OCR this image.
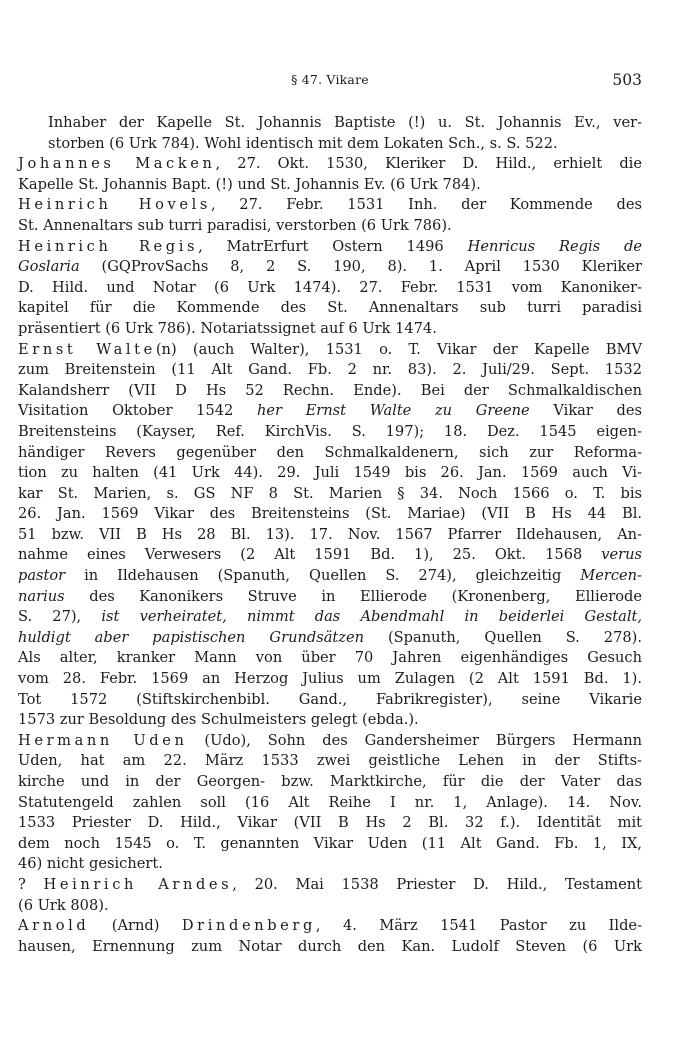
§ 47. Vikare	503

Inhaber der Kapelle St. Johannis Baptiste (!) u. St. Johannis Ev., ver-
storben (6 Urk 784). Wohl identisch mit dem Lokaten Sch., s. S. 522.

Johannes Macken, 27. Okt. 1530, Kleriker D. Hild., erhielt die
Kapelle St. Johannis Bapt. (!) und St. Johannis Ev. (6 Urk 784).

Heinrich Hovels, 27. Febr. 1531 Inh. der Kommende des
St. Annenaltars sub turri paradisi, verstorben (6 Urk 786).

Heinrich Regis, MatrErfurt Ostern 1496 Henricus Regis de
Goslaria (GQProvSachs 8, 2 S. 190, 8). 1. April 1530 Kleriker
D. Hild. und Notar (6 Urk 1474). 27. Febr. 1531 vom Kanoniker-
kapitel für die Kommende des St. Annenaltars sub turri paradisi
präsentiert (6 Urk 786). Notariatssignet auf 6 Urk 1474.

Ernst Walte(n) (auch Walter), 1531 o. T. Vikar der Kapelle BMV
zum Breitenstein (11 Alt Gand. Fb. 2 nr. 83). 2. Juli/29. Sept. 1532
Kalandsherr (VII D Hs 52 Rechn. Ende). Bei der Schmalkaldischen
Visitation Oktober 1542 her Ernst Walte zu Greene Vikar des
Breitensteins (Kayser, Ref. KirchVis. S. 197); 18. Dez. 1545 eigen-
händiger Revers gegenüber den Schmalkaldenern, sich zur Reforma-
tion zu halten (41 Urk 44). 29. Juli 1549 bis 26. Jan. 1569 auch Vi-
kar St. Marien, s. GS NF 8 St. Marien § 34. Noch 1566 o. T. bis
26. Jan. 1569 Vikar des Breitensteins (St. Mariae) (VII B Hs 44 Bl.
51 bzw. VII B Hs 28 Bl. 13). 17. Nov. 1567 Pfarrer Ildehausen, An-
nahme eines Verwesers (2 Alt 1591 Bd. 1), 25. Okt. 1568 verus
pastor in Ildehausen (Spanuth, Quellen S. 274), gleichzeitig Mercen-
narius des Kanonikers Struve in Ellierode (Kronenberg, Ellierode
S. 27), ist verheiratet, nimmt das Abendmahl in beiderlei Gestalt,
huldigt aber papistischen Grundsätzen (Spanuth, Quellen S. 278).
Als alter, kranker Mann von über 70 Jahren eigenhändiges Gesuch
vom 28. Febr. 1569 an Herzog Julius um Zulagen (2 Alt 1591 Bd. 1).
Tot 1572 (Stiftskirchenbibl. Gand., Fabrikregister), seine Vikarie
1573 zur Besoldung des Schulmeisters gelegt (ebda.).

Hermann Uden (Udo), Sohn des Gandersheimer Bürgers Hermann
Uden, hat am 22. März 1533 zwei geistliche Lehen in der Stifts-
kirche und in der Georgen- bzw. Marktkirche, für die der Vater das
Statutengeld zahlen soll (16 Alt Reihe I nr. 1, Anlage). 14. Nov.
1533 Priester D. Hild., Vikar (VII B Hs 2 Bl. 32 f.). Identität mit
dem noch 1545 o. T. genannten Vikar Uden (11 Alt Gand. Fb. 1, IX,
46) nicht gesichert.

? Heinrich Arndes, 20. Mai 1538 Priester D. Hild., Testament
(6 Urk 808).

Arnold (Arnd) Drindenberg, 4. März 1541 Pastor zu Ilde-
hausen, Ernennung zum Notar durch den Kan. Ludolf Steven (6 Urk
